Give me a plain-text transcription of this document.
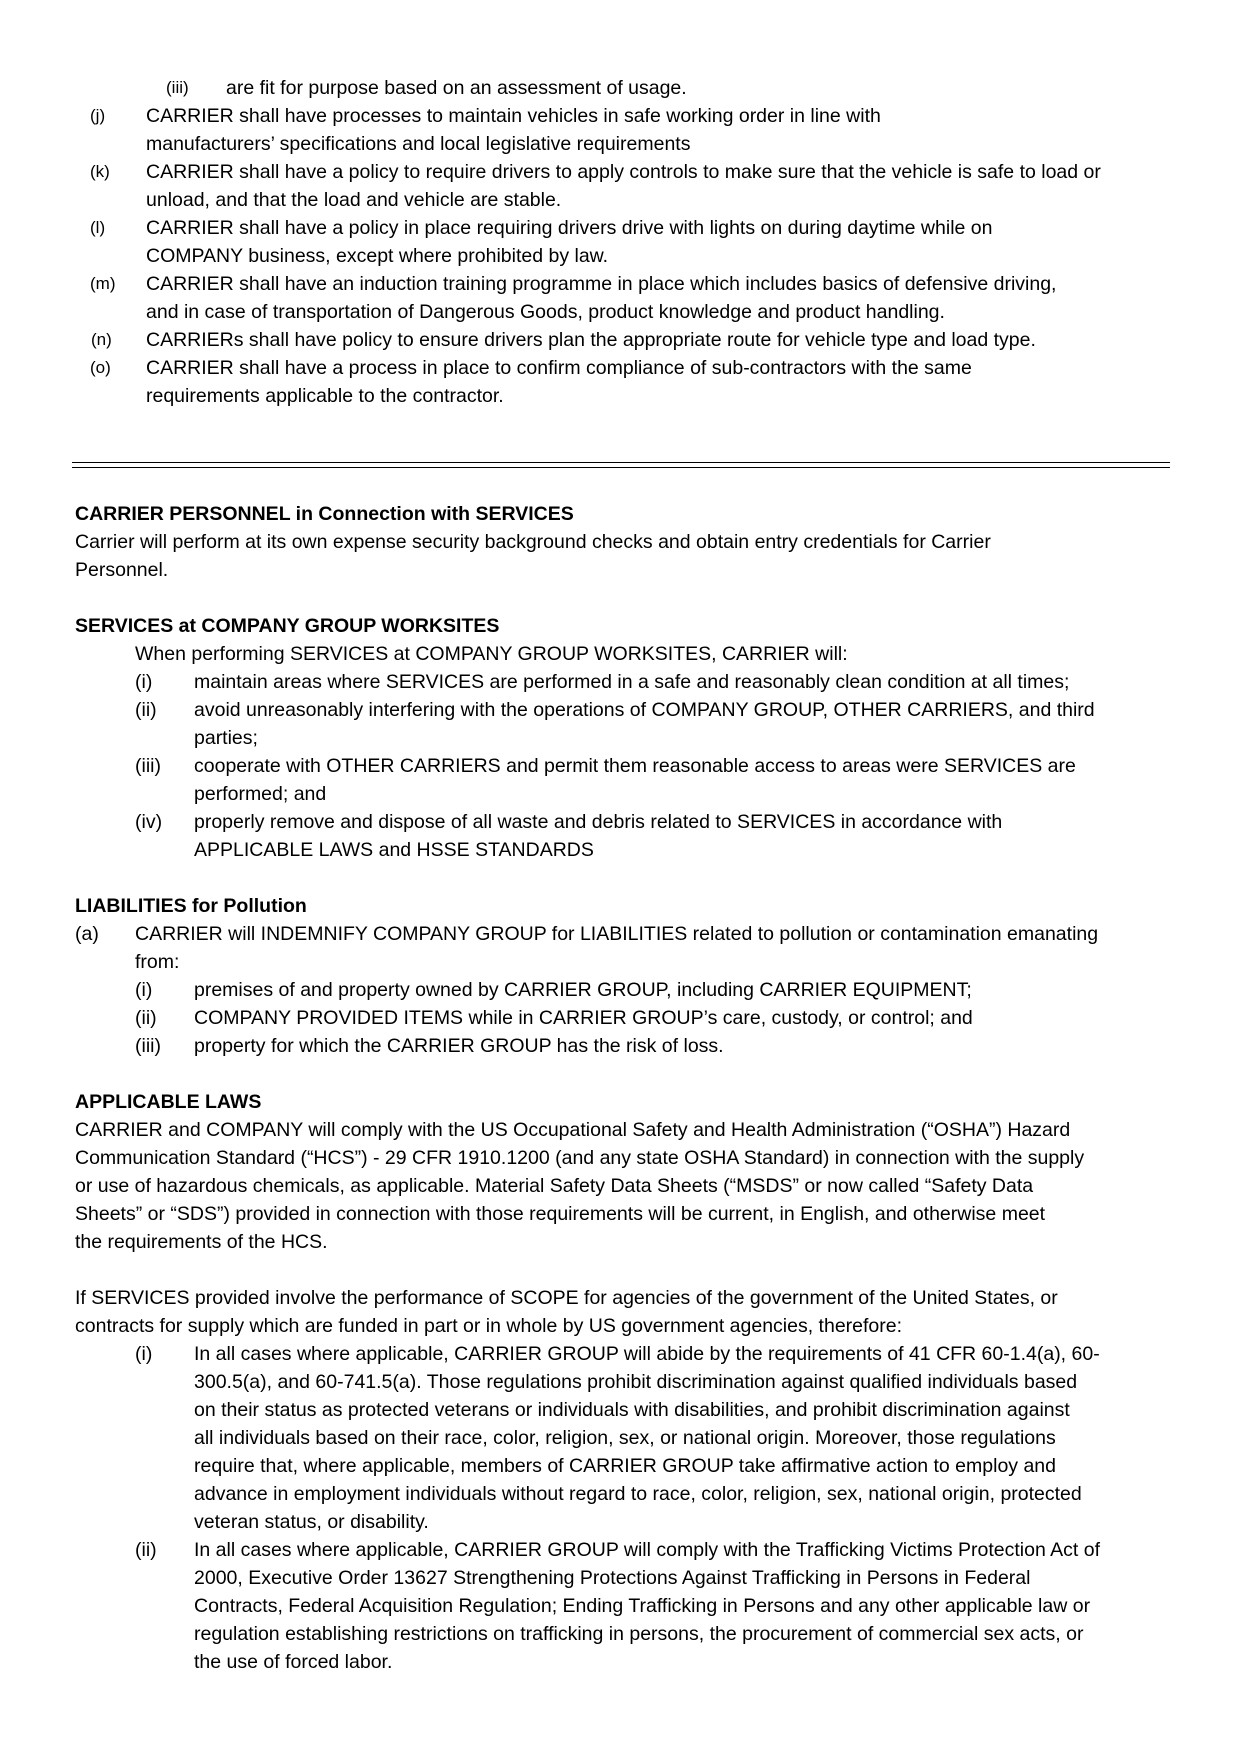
(iii) are fit for purpose based on an assessment of usage.
(j) CARRIER shall have processes to maintain vehicles in safe working order in line with
manufacturers’ specifications and local legislative requirements
(k) CARRIER shall have a policy to require drivers to apply controls to make sure that the vehicle is safe to load or
unload, and that the load and vehicle are stable.
(l) CARRIER shall have a policy in place requiring drivers drive with lights on during daytime while on
COMPANY business, except where prohibited by law.
(m) CARRIER shall have an induction training programme in place which includes basics of defensive driving,
and in case of transportation of Dangerous Goods, product knowledge and product handling.
(n) CARRIERs shall have policy to ensure drivers plan the appropriate route for vehicle type and load type.
(o) CARRIER shall have a process in place to confirm compliance of sub-contractors with the same
requirements applicable to the contractor.
CARRIER PERSONNEL in Connection with SERVICES
Carrier will perform at its own expense security background checks and obtain entry credentials for Carrier
Personnel.
SERVICES at COMPANY GROUP WORKSITES
When performing SERVICES at COMPANY GROUP WORKSITES, CARRIER will:
(i) maintain areas where SERVICES are performed in a safe and reasonably clean condition at all times;
(ii) avoid unreasonably interfering with the operations of COMPANY GROUP, OTHER CARRIERS, and third
parties;
(iii) cooperate with OTHER CARRIERS and permit them reasonable access to areas were SERVICES are
performed; and
(iv) properly remove and dispose of all waste and debris related to SERVICES in accordance with
APPLICABLE LAWS and HSSE STANDARDS
LIABILITIES for Pollution
(a) CARRIER will INDEMNIFY COMPANY GROUP for LIABILITIES related to pollution or contamination emanating
from:
(i) premises of and property owned by CARRIER GROUP, including CARRIER EQUIPMENT;
(ii) COMPANY PROVIDED ITEMS while in CARRIER GROUP’s care, custody, or control; and
(iii) property for which the CARRIER GROUP has the risk of loss.
APPLICABLE LAWS
CARRIER and COMPANY will comply with the US Occupational Safety and Health Administration (“OSHA”) Hazard
Communication Standard (“HCS”) - 29 CFR 1910.1200 (and any state OSHA Standard) in connection with the supply
or use of hazardous chemicals, as applicable. Material Safety Data Sheets (“MSDS” or now called “Safety Data
Sheets” or “SDS”) provided in connection with those requirements will be current, in English, and otherwise meet
the requirements of the HCS.
If SERVICES provided involve the performance of SCOPE for agencies of the government of the United States, or
contracts for supply which are funded in part or in whole by US government agencies, therefore:
(i) In all cases where applicable, CARRIER GROUP will abide by the requirements of 41 CFR 60-1.4(a), 60-
300.5(a), and 60-741.5(a). Those regulations prohibit discrimination against qualified individuals based
on their status as protected veterans or individuals with disabilities, and prohibit discrimination against
all individuals based on their race, color, religion, sex, or national origin. Moreover, those regulations
require that, where applicable, members of CARRIER GROUP take affirmative action to employ and
advance in employment individuals without regard to race, color, religion, sex, national origin, protected
veteran status, or disability.
(ii) In all cases where applicable, CARRIER GROUP will comply with the Trafficking Victims Protection Act of
2000, Executive Order 13627 Strengthening Protections Against Trafficking in Persons in Federal
Contracts, Federal Acquisition Regulation; Ending Trafficking in Persons and any other applicable law or
regulation establishing restrictions on trafficking in persons, the procurement of commercial sex acts, or
the use of forced labor.
